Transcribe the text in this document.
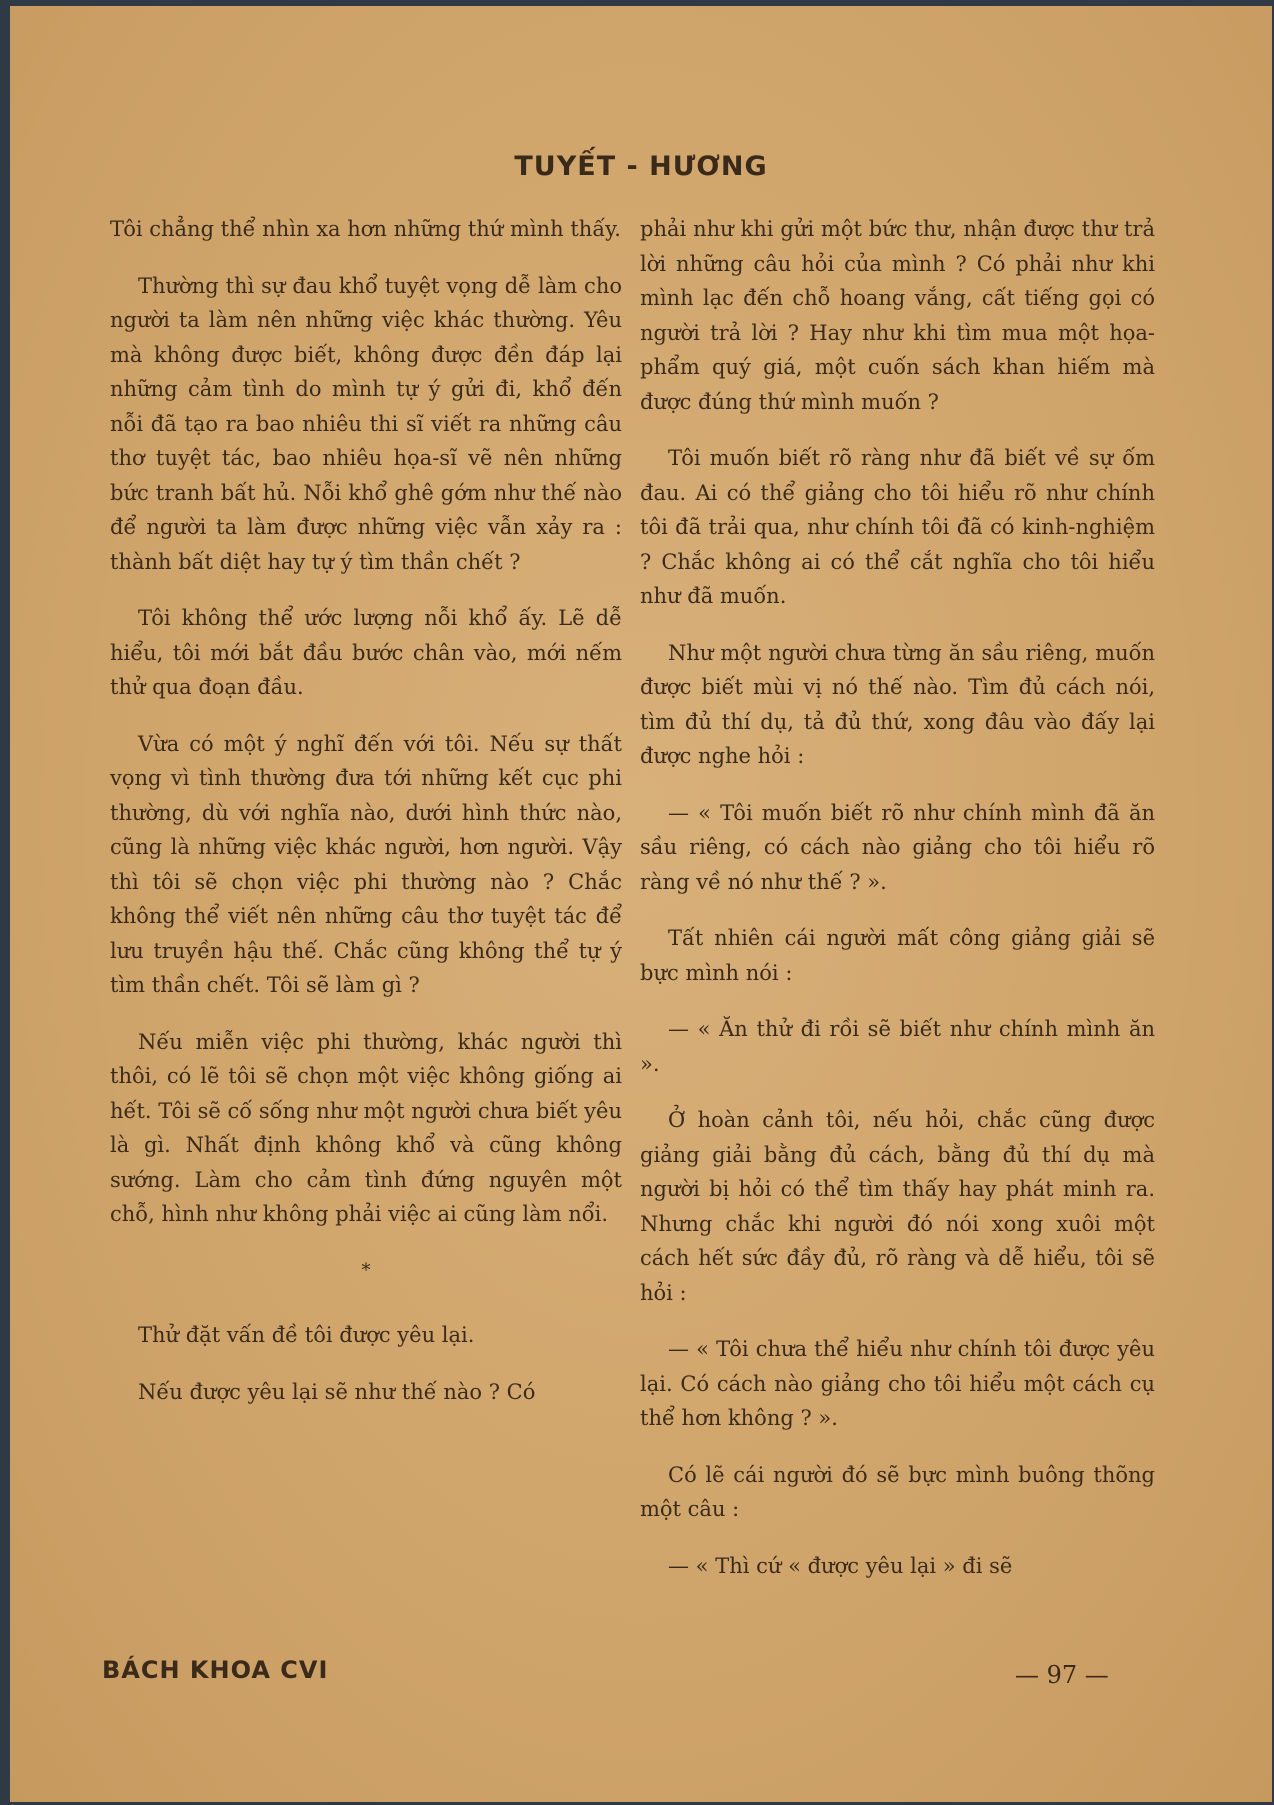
TUYẾT - HƯƠNG

Tôi chẳng thể nhìn xa hơn những thứ mình thấy.

Thường thì sự đau khổ tuyệt vọng dễ làm cho người ta làm nên những việc khác thường. Yêu mà không được biết, không được đền đáp lại những cảm tình do mình tự ý gửi đi, khổ đến nỗi đã tạo ra bao nhiêu thi sĩ viết ra những câu thơ tuyệt tác, bao nhiêu họa-sĩ vẽ nên những bức tranh bất hủ. Nỗi khổ ghê gớm như thế nào để người ta làm được những việc vẫn xảy ra : thành bất diệt hay tự ý tìm thần chết ?

Tôi không thể ước lượng nỗi khổ ấy. Lẽ dễ hiểu, tôi mới bắt đầu bước chân vào, mới nếm thử qua đoạn đầu.

Vừa có một ý nghĩ đến với tôi. Nếu sự thất vọng vì tình thường đưa tới những kết cục phi thường, dù với nghĩa nào, dưới hình thức nào, cũng là những việc khác người, hơn người. Vậy thì tôi sẽ chọn việc phi thường nào ? Chắc không thể viết nên những câu thơ tuyệt tác để lưu truyền hậu thế. Chắc cũng không thể tự ý tìm thần chết. Tôi sẽ làm gì ?

Nếu miễn việc phi thường, khác người thì thôi, có lẽ tôi sẽ chọn một việc không giống ai hết. Tôi sẽ cố sống như một người chưa biết yêu là gì. Nhất định không khổ và cũng không sướng. Làm cho cảm tình đứng nguyên một chỗ, hình như không phải việc ai cũng làm nổi.

*

Thử đặt vấn đề tôi được yêu lại.

Nếu được yêu lại sẽ như thế nào ? Có

phải như khi gửi một bức thư, nhận được thư trả lời những câu hỏi của mình ? Có phải như khi mình lạc đến chỗ hoang vắng, cất tiếng gọi có người trả lời ? Hay như khi tìm mua một họa-phẩm quý giá, một cuốn sách khan hiếm mà được đúng thứ mình muốn ?

Tôi muốn biết rõ ràng như đã biết về sự ốm đau. Ai có thể giảng cho tôi hiểu rõ như chính tôi đã trải qua, như chính tôi đã có kinh-nghiệm ? Chắc không ai có thể cắt nghĩa cho tôi hiểu như đã muốn.

Như một người chưa từng ăn sầu riêng, muốn được biết mùi vị nó thế nào. Tìm đủ cách nói, tìm đủ thí dụ, tả đủ thứ, xong đâu vào đấy lại được nghe hỏi :

— « Tôi muốn biết rõ như chính mình đã ăn sầu riêng, có cách nào giảng cho tôi hiểu rõ ràng về nó như thế ? ».

Tất nhiên cái người mất công giảng giải sẽ bực mình nói :

— « Ăn thử đi rồi sẽ biết như chính mình ăn ».

Ở hoàn cảnh tôi, nếu hỏi, chắc cũng được giảng giải bằng đủ cách, bằng đủ thí dụ mà người bị hỏi có thể tìm thấy hay phát minh ra. Nhưng chắc khi người đó nói xong xuôi một cách hết sức đầy đủ, rõ ràng và dễ hiểu, tôi sẽ hỏi :

— « Tôi chưa thể hiểu như chính tôi được yêu lại. Có cách nào giảng cho tôi hiểu một cách cụ thể hơn không ? ».

Có lẽ cái người đó sẽ bực mình buông thõng một câu :

— « Thì cứ « được yêu lại » đi sẽ

BÁCH KHOA CVI	— 97 —
